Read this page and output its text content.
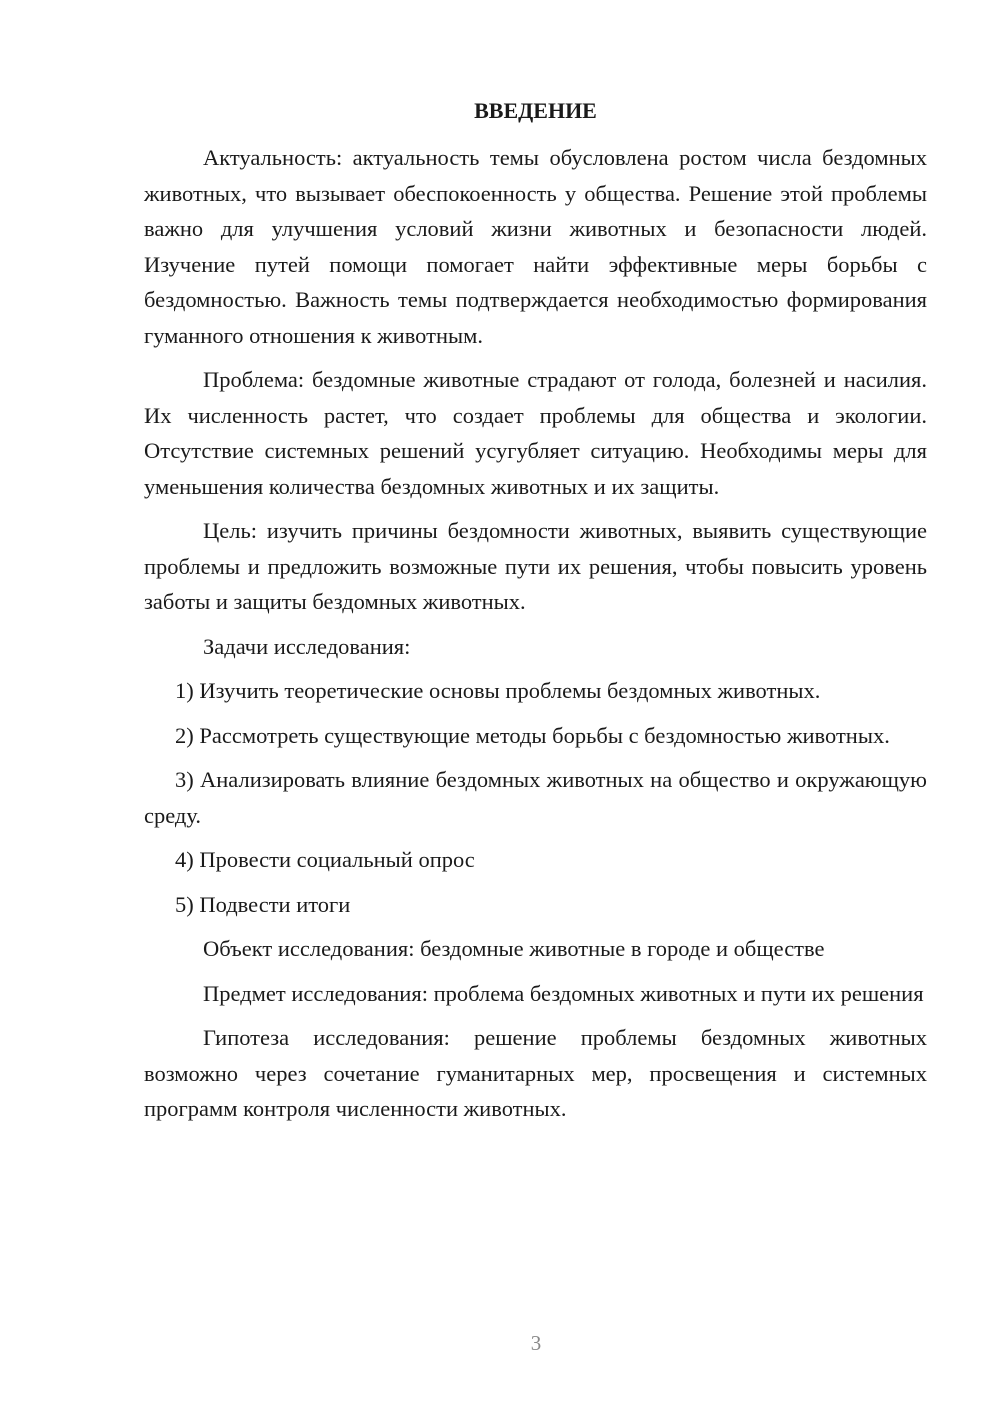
ВВЕДЕНИЕ

Актуальность: актуальность темы обусловлена ростом числа бездомных животных, что вызывает обеспокоенность у общества. Решение этой проблемы важно для улучшения условий жизни животных и безопасности людей. Изучение путей помощи помогает найти эффективные меры борьбы с бездомностью. Важность темы подтверждается необходимостью формирования гуманного отношения к животным.

Проблема: бездомные животные страдают от голода, болезней и насилия. Их численность растет, что создает проблемы для общества и экологии. Отсутствие системных решений усугубляет ситуацию. Необходимы меры для уменьшения количества бездомных животных и их защиты.

Цель: изучить причины бездомности животных, выявить существующие проблемы и предложить возможные пути их решения, чтобы повысить уровень заботы и защиты бездомных животных.

Задачи исследования:

1) Изучить теоретические основы проблемы бездомных животных.

2) Рассмотреть существующие методы борьбы с бездомностью животных.

3) Анализировать влияние бездомных животных на общество и окружающую среду.

4) Провести социальный опрос

5) Подвести итоги

Объект исследования: бездомные животные в городе и обществе

Предмет исследования: проблема бездомных животных и пути их решения

Гипотеза исследования: решение проблемы бездомных животных возможно через сочетание гуманитарных мер, просвещения и системных программ контроля численности животных.

3
